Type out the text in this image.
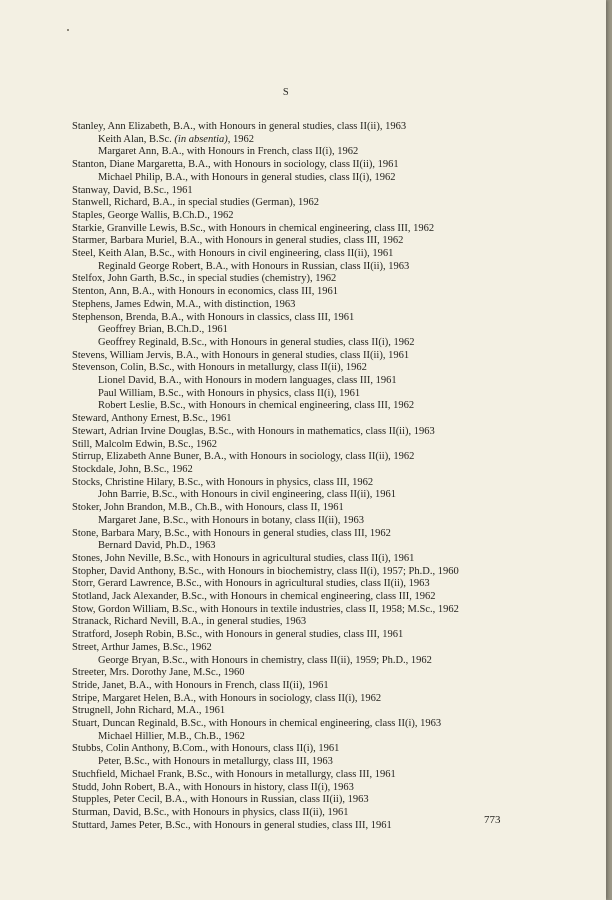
S
Stanley, Ann Elizabeth, B.A., with Honours in general studies, class II(ii), 1963
Keith Alan, B.Sc. (in absentia), 1962
Margaret Ann, B.A., with Honours in French, class II(i), 1962
Stanton, Diane Margaretta, B.A., with Honours in sociology, class II(ii), 1961
Michael Philip, B.A., with Honours in general studies, class II(i), 1962
Stanway, David, B.Sc., 1961
Stanwell, Richard, B.A., in special studies (German), 1962
Staples, George Wallis, B.Ch.D., 1962
Starkie, Granville Lewis, B.Sc., with Honours in chemical engineering, class III, 1962
Starmer, Barbara Muriel, B.A., with Honours in general studies, class III, 1962
Steel, Keith Alan, B.Sc., with Honours in civil engineering, class II(ii), 1961
Reginald George Robert, B.A., with Honours in Russian, class II(ii), 1963
Stelfox, John Garth, B.Sc., in special studies (chemistry), 1962
Stenton, Ann, B.A., with Honours in economics, class III, 1961
Stephens, James Edwin, M.A., with distinction, 1963
Stephenson, Brenda, B.A., with Honours in classics, class III, 1961
Geoffrey Brian, B.Ch.D., 1961
Geoffrey Reginald, B.Sc., with Honours in general studies, class II(i), 1962
Stevens, William Jervis, B.A., with Honours in general studies, class II(ii), 1961
Stevenson, Colin, B.Sc., with Honours in metallurgy, class II(ii), 1962
Lionel David, B.A., with Honours in modern languages, class III, 1961
Paul William, B.Sc., with Honours in physics, class II(i), 1961
Robert Leslie, B.Sc., with Honours in chemical engineering, class III, 1962
Steward, Anthony Ernest, B.Sc., 1961
Stewart, Adrian Irvine Douglas, B.Sc., with Honours in mathematics, class II(ii), 1963
Still, Malcolm Edwin, B.Sc., 1962
Stirrup, Elizabeth Anne Buner, B.A., with Honours in sociology, class II(ii), 1962
Stockdale, John, B.Sc., 1962
Stocks, Christine Hilary, B.Sc., with Honours in physics, class III, 1962
John Barrie, B.Sc., with Honours in civil engineering, class II(ii), 1961
Stoker, John Brandon, M.B., Ch.B., with Honours, class II, 1961
Margaret Jane, B.Sc., with Honours in botany, class II(ii), 1963
Stone, Barbara Mary, B.Sc., with Honours in general studies, class III, 1962
Bernard David, Ph.D., 1963
Stones, John Neville, B.Sc., with Honours in agricultural studies, class II(i), 1961
Stopher, David Anthony, B.Sc., with Honours in biochemistry, class II(i), 1957; Ph.D., 1960
Storr, Gerard Lawrence, B.Sc., with Honours in agricultural studies, class II(ii), 1963
Stotland, Jack Alexander, B.Sc., with Honours in chemical engineering, class III, 1962
Stow, Gordon William, B.Sc., with Honours in textile industries, class II, 1958; M.Sc., 1962
Stranack, Richard Nevill, B.A., in general studies, 1963
Stratford, Joseph Robin, B.Sc., with Honours in general studies, class III, 1961
Street, Arthur James, B.Sc., 1962
George Bryan, B.Sc., with Honours in chemistry, class II(ii), 1959; Ph.D., 1962
Streeter, Mrs. Dorothy Jane, M.Sc., 1960
Stride, Janet, B.A., with Honours in French, class II(ii), 1961
Stripe, Margaret Helen, B.A., with Honours in sociology, class II(i), 1962
Strugnell, John Richard, M.A., 1961
Stuart, Duncan Reginald, B.Sc., with Honours in chemical engineering, class II(i), 1963
Michael Hillier, M.B., Ch.B., 1962
Stubbs, Colin Anthony, B.Com., with Honours, class II(i), 1961
Peter, B.Sc., with Honours in metallurgy, class III, 1963
Stuchfield, Michael Frank, B.Sc., with Honours in metallurgy, class III, 1961
Studd, John Robert, B.A., with Honours in history, class II(i), 1963
Stupples, Peter Cecil, B.A., with Honours in Russian, class II(ii), 1963
Sturman, David, B.Sc., with Honours in physics, class II(ii), 1961
Stuttard, James Peter, B.Sc., with Honours in general studies, class III, 1961	773
